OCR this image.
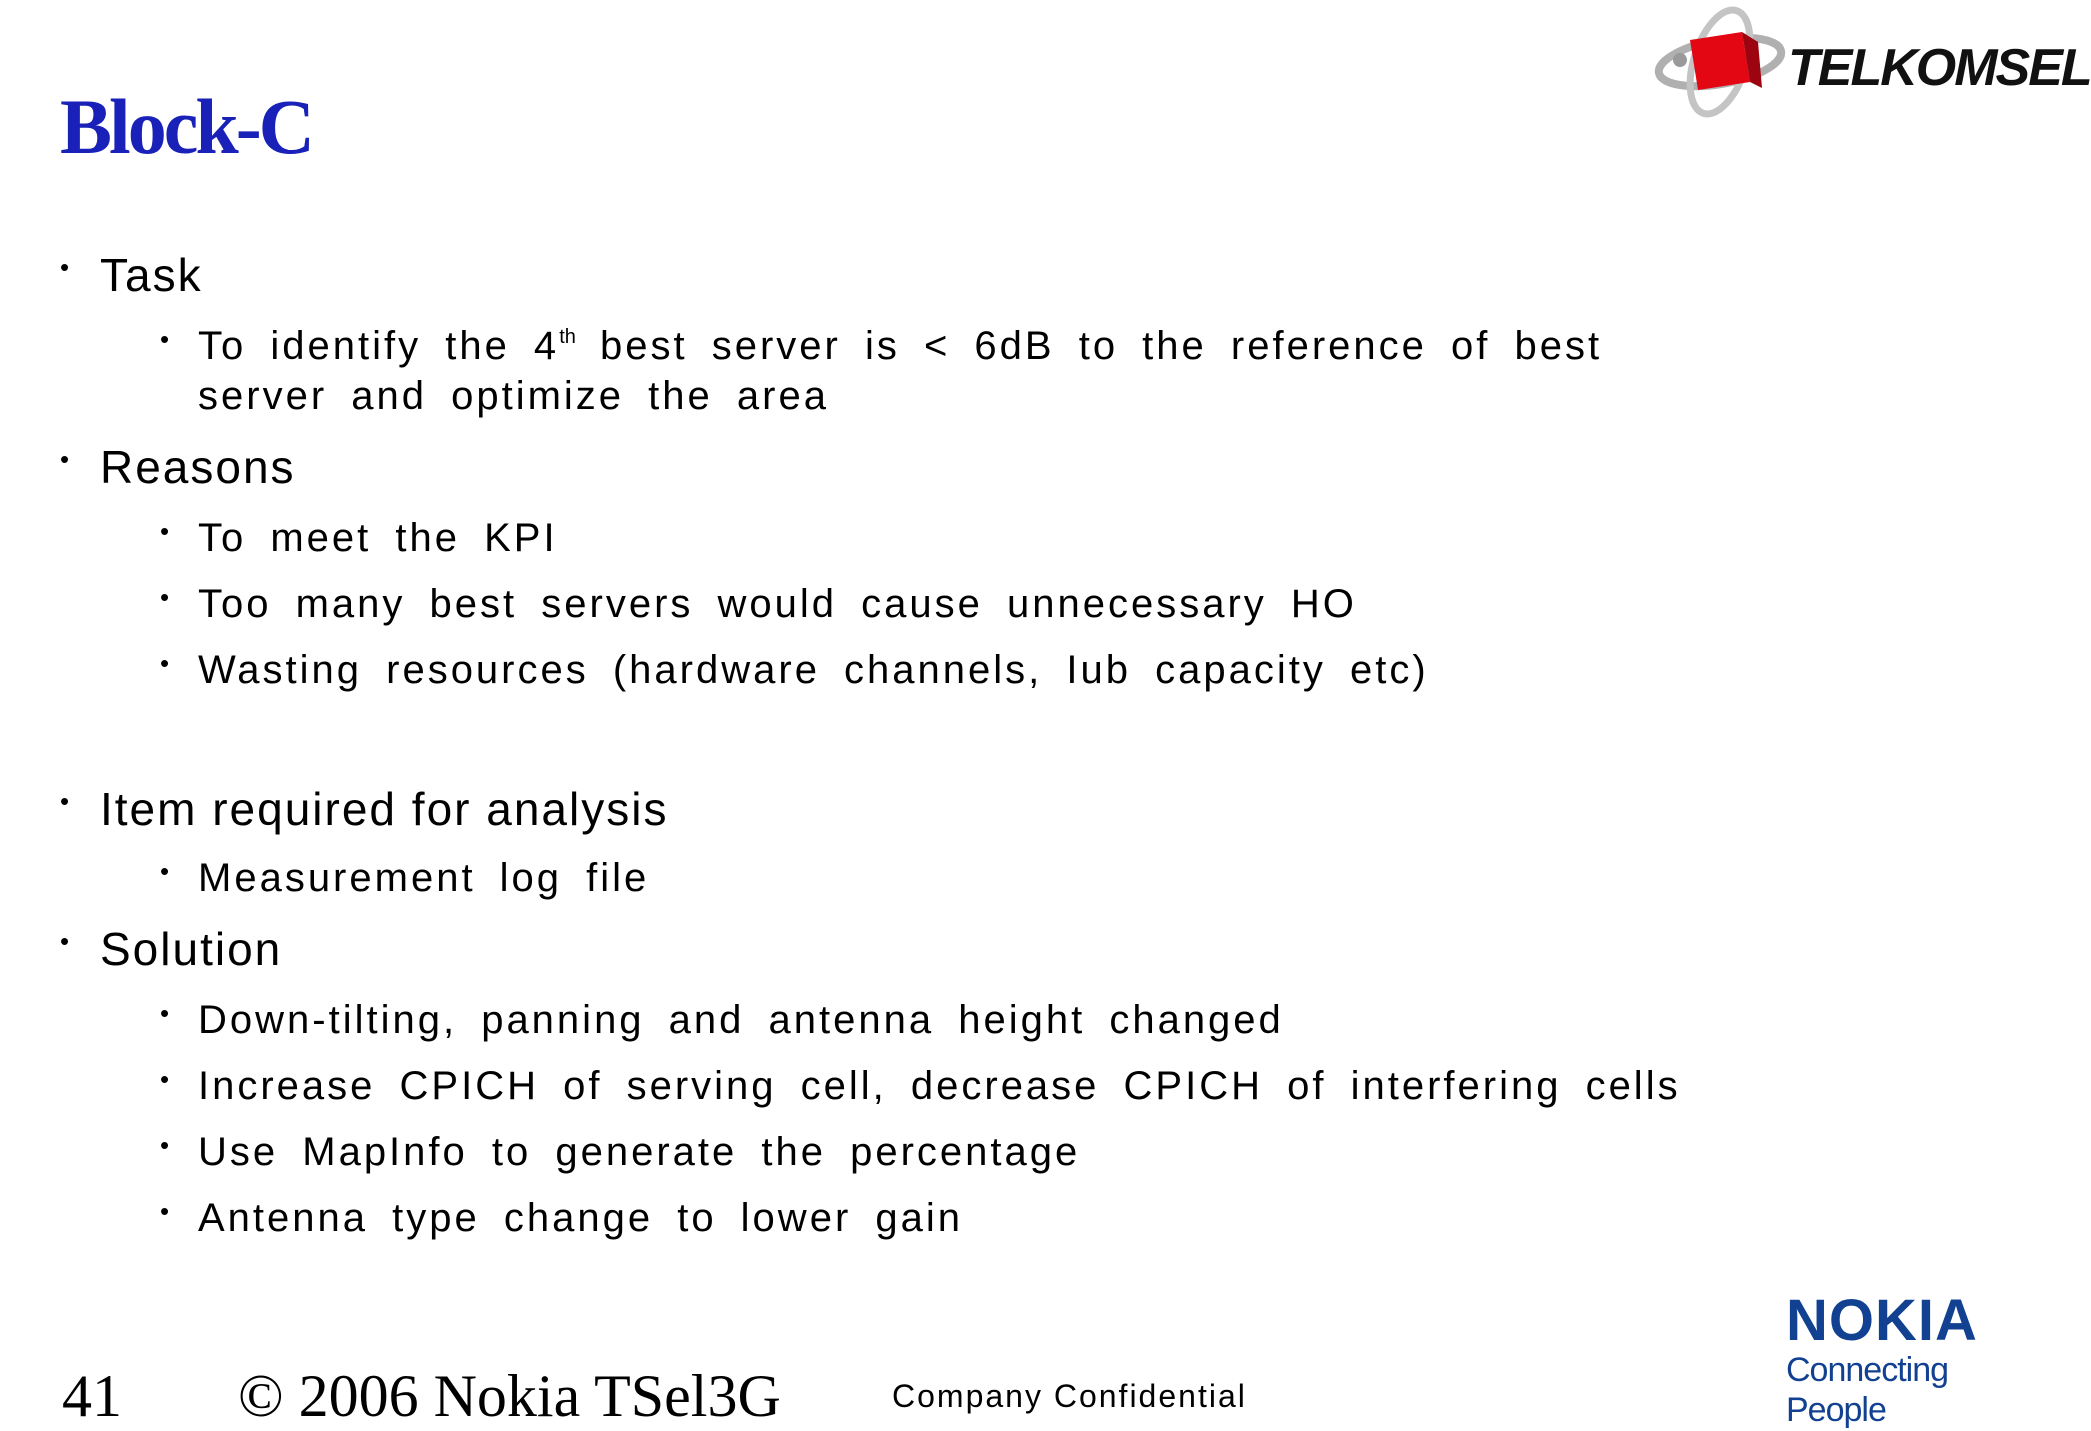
Block-C
TELKOMSEL
• Task
• To identify the 4th best server is < 6dB to the reference of best
server and optimize the area
• Reasons
• To meet the KPI
• Too many best servers would cause unnecessary HO
• Wasting resources (hardware channels, Iub capacity etc)
• Item required for analysis
• Measurement log file
• Solution
• Down-tilting, panning and antenna height changed
• Increase CPICH of serving cell, decrease CPICH of interfering cells
• Use MapInfo to generate the percentage
• Antenna type change to lower gain
41 © 2006 Nokia TSel3G	Company Confidential
NOKIA
Connecting People
